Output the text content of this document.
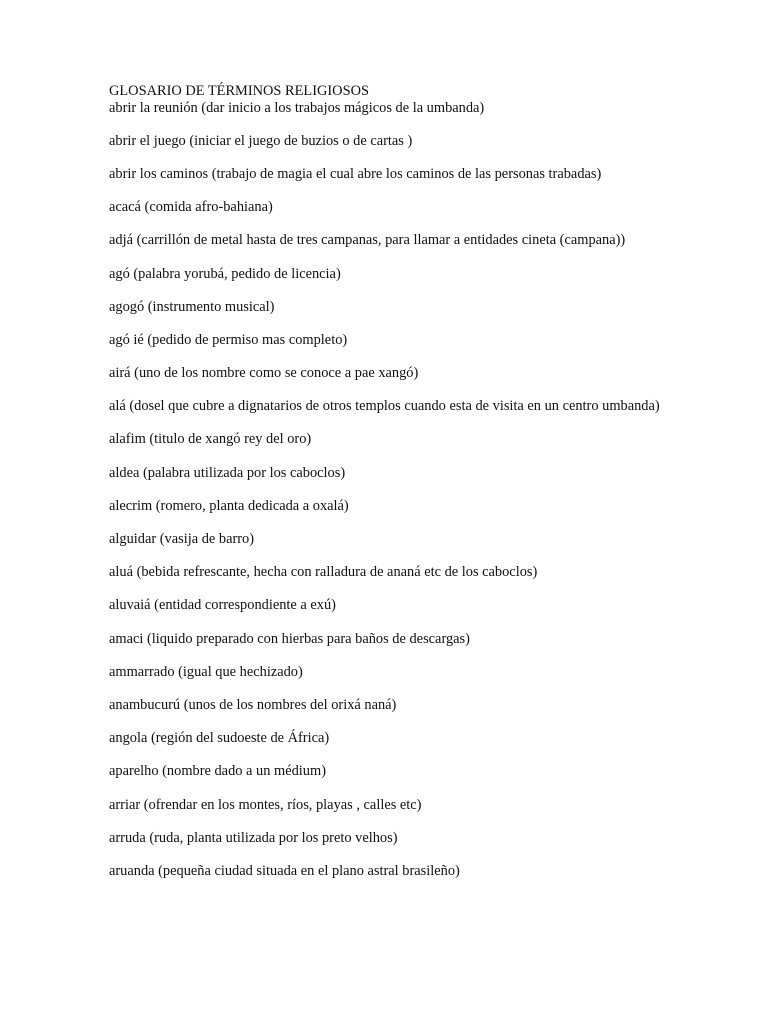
GLOSARIO DE TÉRMINOS RELIGIOSOS
abrir la reunión (dar inicio a los trabajos mágicos de la umbanda)
abrir el juego (iniciar el juego de buzios o de cartas )
abrir los caminos (trabajo de magia el cual abre los caminos de las personas trabadas)
acacá (comida afro-bahiana)
adjá (carrillón de metal hasta de tres campanas, para llamar a entidades cineta (campana))
agó (palabra yorubá, pedido de licencia)
agogó (instrumento musical)
agó ié (pedido de permiso mas completo)
airá (uno de los nombre como se conoce a pae xangó)
alá (dosel que cubre a dignatarios de otros templos cuando esta de visita en un centro umbanda)
alafim (titulo de xangó rey del oro)
aldea (palabra utilizada por los caboclos)
alecrim (romero, planta dedicada a oxalá)
alguidar (vasija de barro)
aluá (bebida refrescante, hecha con ralladura de ananá etc de los caboclos)
aluvaiá (entidad correspondiente a exú)
amaci (liquido preparado con hierbas para baños de descargas)
ammarrado (igual que hechizado)
anambucurú (unos de los nombres del orixá naná)
angola (región del sudoeste de África)
aparelho (nombre dado a un médium)
arriar (ofrendar en los montes, ríos, playas , calles etc)
arruda (ruda, planta utilizada por los preto velhos)
aruanda (pequeña ciudad situada en el plano astral brasileño)
